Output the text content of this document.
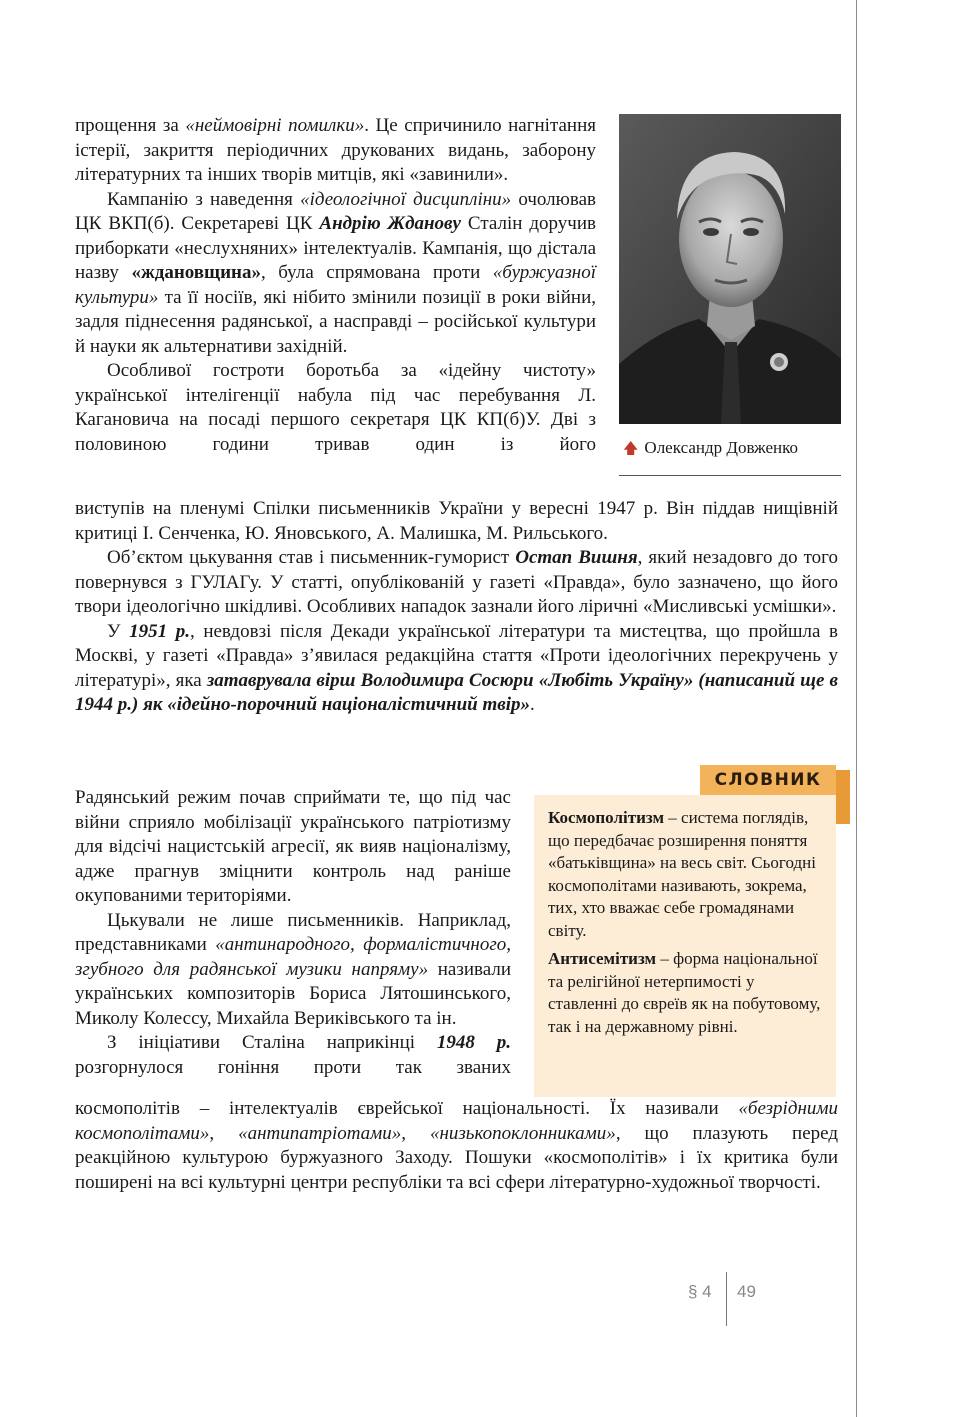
прощення за «неймовірні помилки». Це спричинило нагнітання істерії, закриття періодичних друкованих видань, заборону літературних та інших творів митців, які «завинили».

Кампанію з наведення «ідеологічної дисципліни» очолював ЦК ВКП(б). Секретареві ЦК Андрію Жданову Сталін доручив приборкати «неслухняних» інтелектуалів. Кампанія, що дістала назву «ждановщина», була спрямована проти «буржуазної культури» та її носіїв, які нібито змінили позиції в роки війни, задля піднесення радянської, а насправді – російської культури й науки як альтернативи західній.

Особливої гостроти боротьба за «ідейну чистоту» української інтелігенції набула під час перебування Л. Кагановича на посаді першого секретаря ЦК КП(б)У. Дві з половиною години тривав один із його 🡅 Олександр Довженко

виступів на пленумі Спілки письменників України у вересні 1947 р. Він піддав нищівній критиці І. Сенченка, Ю. Яновського, А. Малишка, М. Рильського.

Об’єктом цькування став і письменник-гуморист Остап Вишня, який незадовго до того повернувся з ГУЛАГу. У статті, опублікованій у газеті «Правда», було зазначено, що його твори ідеологічно шкідливі. Особливих нападок зазнали його ліричні «Мисливські усмішки».

У 1951 р., невдовзі після Декади української літератури та мистецтва, що пройшла в Москві, у газеті «Правда» з’явилася редакційна стаття «Проти ідеологічних перекручень у літературі», яка затаврувала вірш Володимира Сосюри «Любіть Україну» (написаний ще в 1944 р.) як «ідейно-порочний націоналістичний твір».

Радянський режим почав сприймати те, що під час війни сприяло мобілізації українського патріотизму для відсічі нацистській агресії, як вияв націоналізму, адже прагнув зміцнити контроль над раніше окупованими територіями.

Цькували не лише письменників. Наприклад, представниками «антинародного, формалістичного, згубного для радянської музики напряму» називали українських композиторів Бориса Лятошинського, Миколу Колессу, Михайла Вериківського та ін.

З ініціативи Сталіна наприкінці 1948 р. розгорнулося гоніння проти так званих

СЛОВНИК

Космополітизм – система поглядів, що передбачає розширення поняття «батьківщина» на весь світ. Сьогодні космополітами називають, зокрема, тих, хто вважає себе громадянами світу.

Антисемітизм – форма національної та релігійної нетерпимості у ставленні до євреїв як на побутовому, так і на державному рівні.

космополітів – інтелектуалів єврейської національності. Їх називали «безрідними космополітами», «антипатріотами», «низькопоклонниками», що плазують перед реакційною культурою буржуазного Заходу. Пошуки «космополітів» і їх критика були поширені на всі культурні центри республіки та всі сфери літературно-художньої творчості.

§ 4 49
